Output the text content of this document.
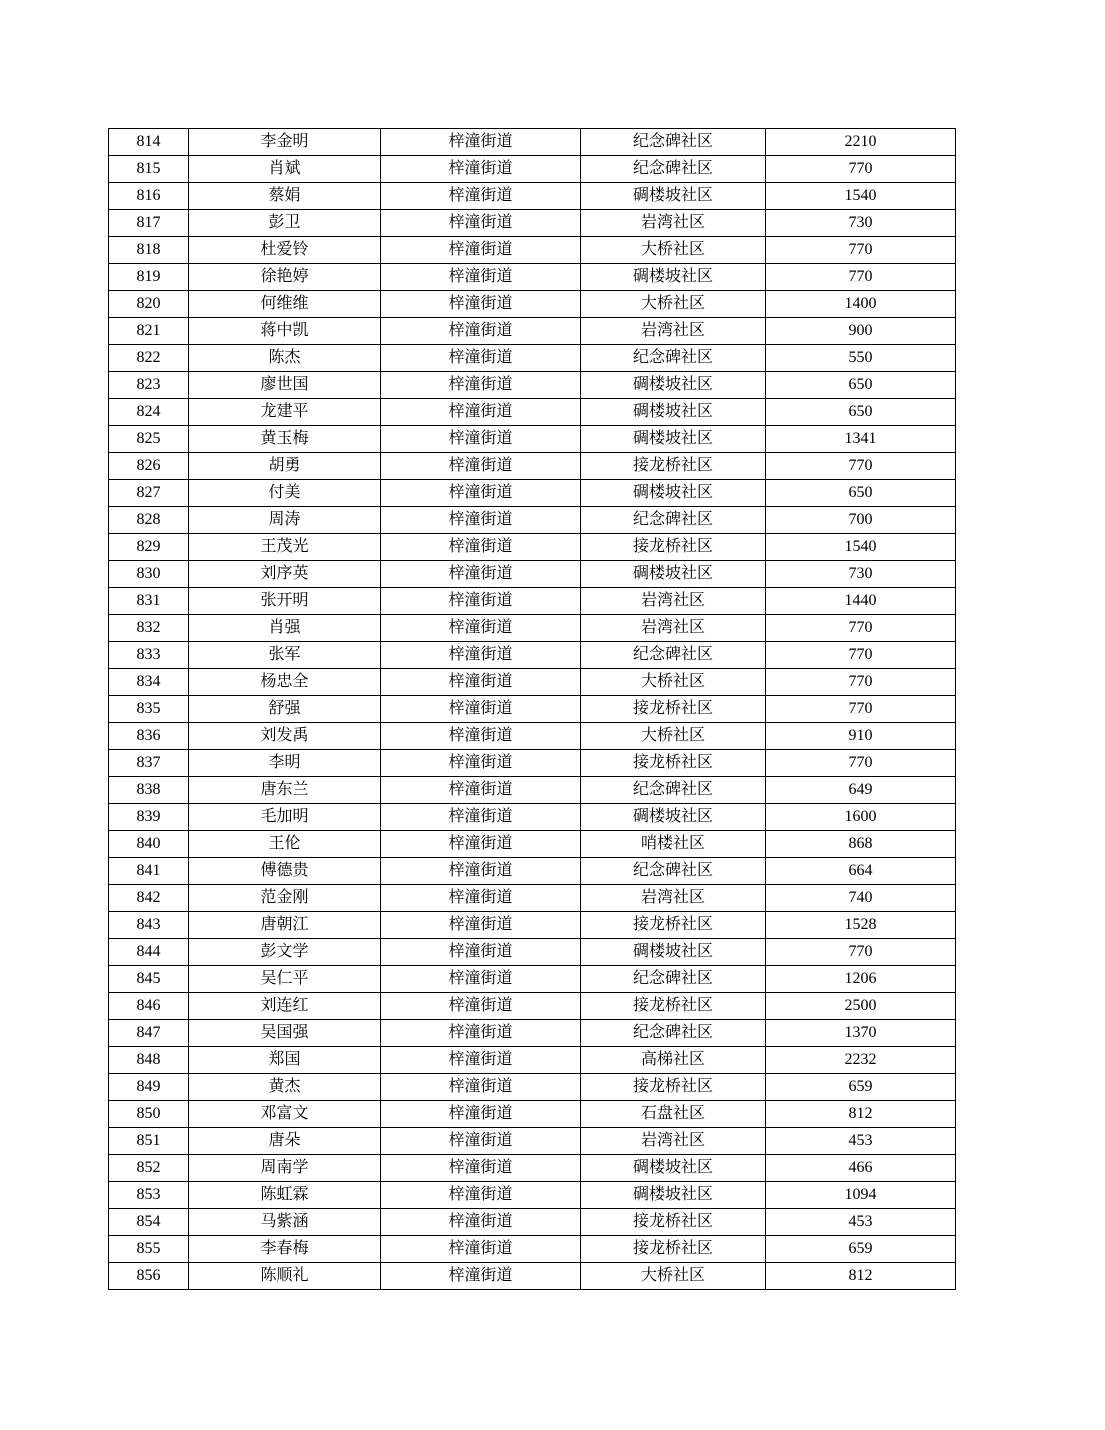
814	李金明	梓潼街道	纪念碑社区	2210
815	肖斌	梓潼街道	纪念碑社区	770
816	蔡娟	梓潼街道	碉楼坡社区	1540
817	彭卫	梓潼街道	岩湾社区	730
818	杜爱铃	梓潼街道	大桥社区	770
819	徐艳婷	梓潼街道	碉楼坡社区	770
820	何维维	梓潼街道	大桥社区	1400
821	蒋中凯	梓潼街道	岩湾社区	900
822	陈杰	梓潼街道	纪念碑社区	550
823	廖世国	梓潼街道	碉楼坡社区	650
824	龙建平	梓潼街道	碉楼坡社区	650
825	黄玉梅	梓潼街道	碉楼坡社区	1341
826	胡勇	梓潼街道	接龙桥社区	770
827	付美	梓潼街道	碉楼坡社区	650
828	周涛	梓潼街道	纪念碑社区	700
829	王茂光	梓潼街道	接龙桥社区	1540
830	刘序英	梓潼街道	碉楼坡社区	730
831	张开明	梓潼街道	岩湾社区	1440
832	肖强	梓潼街道	岩湾社区	770
833	张军	梓潼街道	纪念碑社区	770
834	杨忠全	梓潼街道	大桥社区	770
835	舒强	梓潼街道	接龙桥社区	770
836	刘发禹	梓潼街道	大桥社区	910
837	李明	梓潼街道	接龙桥社区	770
838	唐东兰	梓潼街道	纪念碑社区	649
839	毛加明	梓潼街道	碉楼坡社区	1600
840	王伦	梓潼街道	哨楼社区	868
841	傅德贵	梓潼街道	纪念碑社区	664
842	范金刚	梓潼街道	岩湾社区	740
843	唐朝江	梓潼街道	接龙桥社区	1528
844	彭文学	梓潼街道	碉楼坡社区	770
845	吴仁平	梓潼街道	纪念碑社区	1206
846	刘连红	梓潼街道	接龙桥社区	2500
847	吴国强	梓潼街道	纪念碑社区	1370
848	郑国	梓潼街道	高梯社区	2232
849	黄杰	梓潼街道	接龙桥社区	659
850	邓富文	梓潼街道	石盘社区	812
851	唐朵	梓潼街道	岩湾社区	453
852	周南学	梓潼街道	碉楼坡社区	466
853	陈虹霖	梓潼街道	碉楼坡社区	1094
854	马紫涵	梓潼街道	接龙桥社区	453
855	李春梅	梓潼街道	接龙桥社区	659
856	陈顺礼	梓潼街道	大桥社区	812
